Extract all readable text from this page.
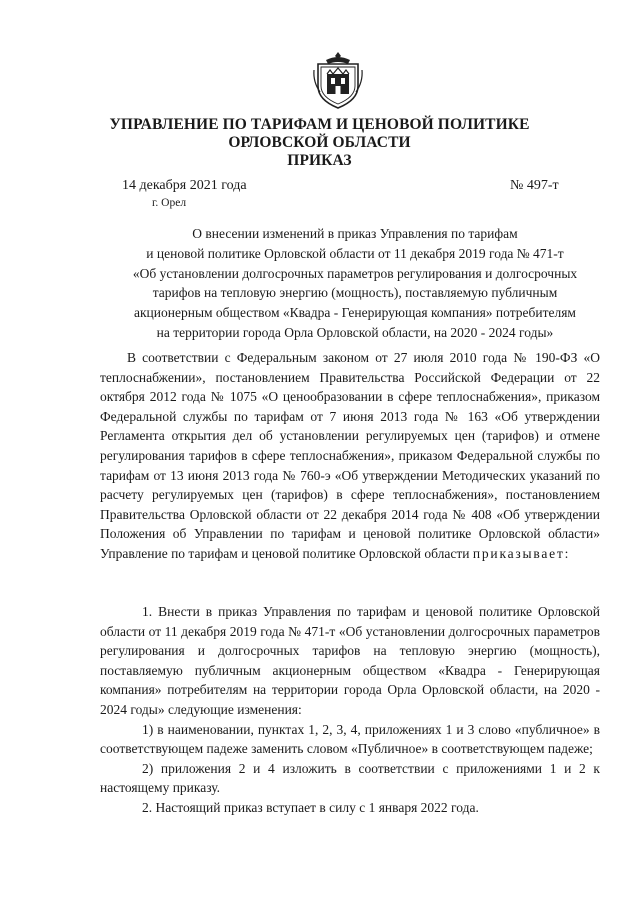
УПРАВЛЕНИЕ ПО ТАРИФАМ И ЦЕНОВОЙ ПОЛИТИКЕ
ОРЛОВСКОЙ ОБЛАСТИ
ПРИКАЗ
14 декабря 2021 года	№ 497-т
г. Орел
О внесении изменений в приказ Управления по тарифам
и ценовой политике Орловской области от 11 декабря 2019 года № 471-т
«Об установлении долгосрочных параметров регулирования и долгосрочных
тарифов на тепловую энергию (мощность), поставляемую публичным
акционерным обществом «Квадра - Генерирующая компания» потребителям
на территории города Орла Орловской области, на 2020 - 2024 годы»

В соответствии с Федеральным законом от 27 июля 2010 года № 190-ФЗ «О теплоснабжении», постановлением Правительства Российской Федерации от 22 октября 2012 года № 1075 «О ценообразовании в сфере теплоснабжения», приказом Федеральной службы по тарифам от 7 июня 2013 года № 163 «Об утверждении Регламента открытия дел об установлении регулируемых цен (тарифов) и отмене регулирования тарифов в сфере теплоснабжения», приказом Федеральной службы по тарифам от 13 июня 2013 года № 760-э «Об утверждении Методических указаний по расчету регулируемых цен (тарифов) в сфере теплоснабжения», постановлением Правительства Орловской области от 22 декабря 2014 года № 408 «Об утверждении Положения об Управлении по тарифам и ценовой политике Орловской области» Управление по тарифам и ценовой политике Орловской области приказывает:

1. Внести в приказ Управления по тарифам и ценовой политике Орловской области от 11 декабря 2019 года № 471-т «Об установлении долгосрочных параметров регулирования и долгосрочных тарифов на тепловую энергию (мощность), поставляемую публичным акционерным обществом «Квадра - Генерирующая компания» потребителям на территории города Орла Орловской области, на 2020 - 2024 годы» следующие изменения:

1) в наименовании, пунктах 1, 2, 3, 4, приложениях 1 и 3 слово «публичное» в соответствующем падеже заменить словом «Публичное» в соответствующем падеже;

2) приложения 2 и 4 изложить в соответствии с приложениями 1 и 2 к настоящему приказу.

2. Настоящий приказ вступает в силу с 1 января 2022 года.
